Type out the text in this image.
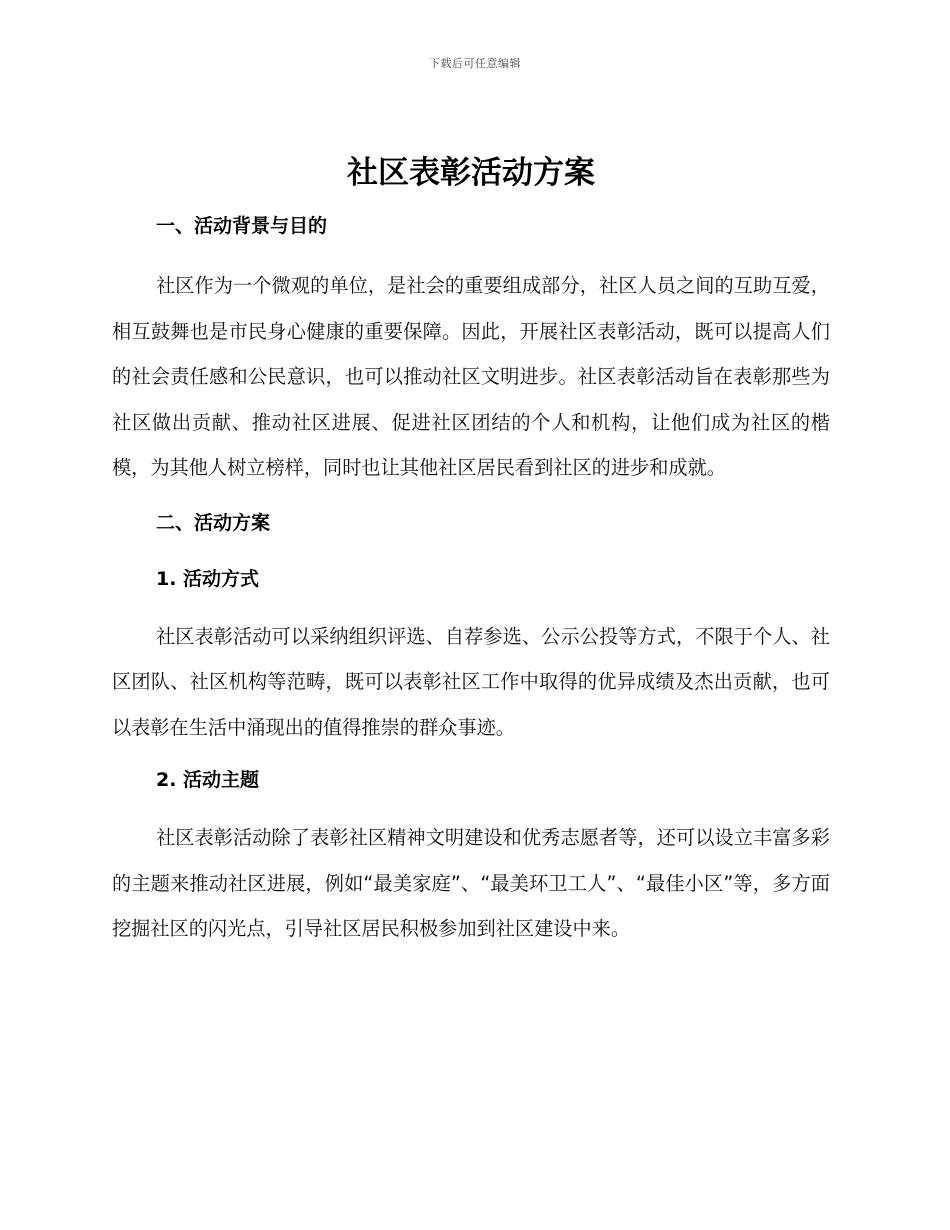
下载后可任意编辑
社区表彰活动方案
一、活动背景与目的

社区作为一个微观的单位，是社会的重要组成部分，社区人员之间的互助互爱，相互鼓舞也是市民身心健康的重要保障。因此，开展社区表彰活动，既可以提高人们的社会责任感和公民意识，也可以推动社区文明进步。社区表彰活动旨在表彰那些为社区做出贡献、推动社区进展、促进社区团结的个人和机构，让他们成为社区的楷模，为其他人树立榜样，同时也让其他社区居民看到社区的进步和成就。

二、活动方案
1. 活动方式

社区表彰活动可以采纳组织评选、自荐参选、公示公投等方式，不限于个人、社区团队、社区机构等范畴，既可以表彰社区工作中取得的优异成绩及杰出贡献，也可以表彰在生活中涌现出的值得推崇的群众事迹。

2. 活动主题

社区表彰活动除了表彰社区精神文明建设和优秀志愿者等，还可以设立丰富多彩的主题来推动社区进展，例如“最美家庭”、“最美环卫工人”、“最佳小区”等，多方面挖掘社区的闪光点，引导社区居民积极参加到社区建设中来。
